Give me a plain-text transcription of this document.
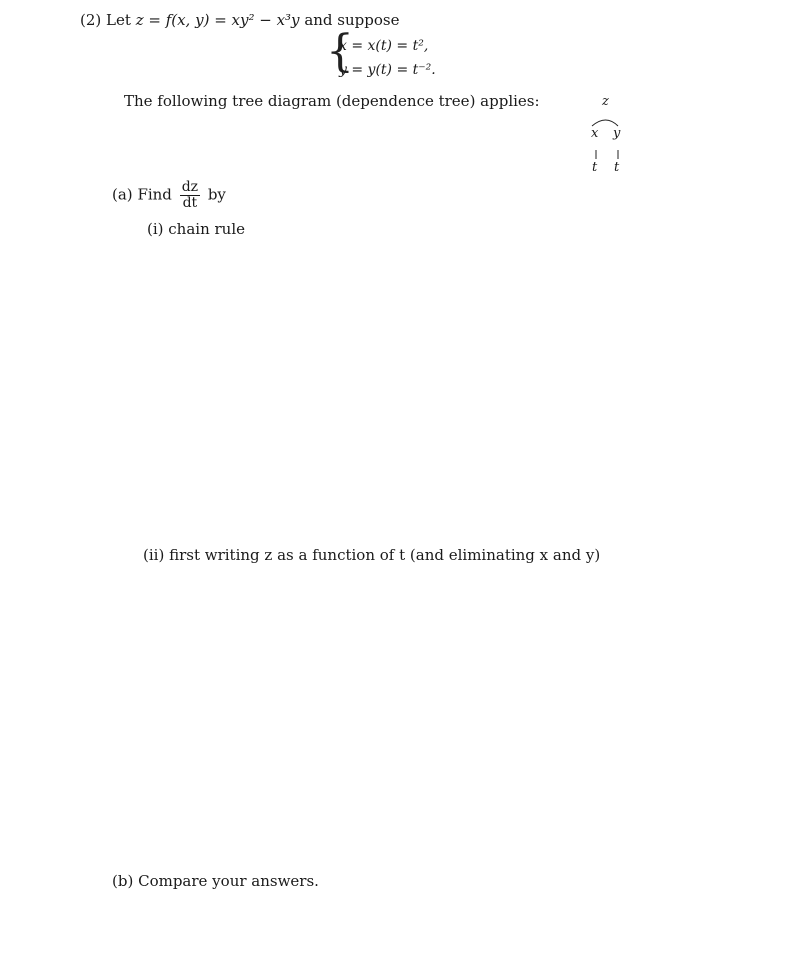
(2) Let z = f(x, y) = xy² − x³y and suppose
{
x = x(t) = t²,
y = y(t) = t⁻².
The following tree diagram (dependence tree) applies:	z
x y
t t
(a) Find $\frac{dz}{dt}$ by
(i) chain rule
(ii) first writing z as a function of t (and eliminating x and y)
(b) Compare your answers.
